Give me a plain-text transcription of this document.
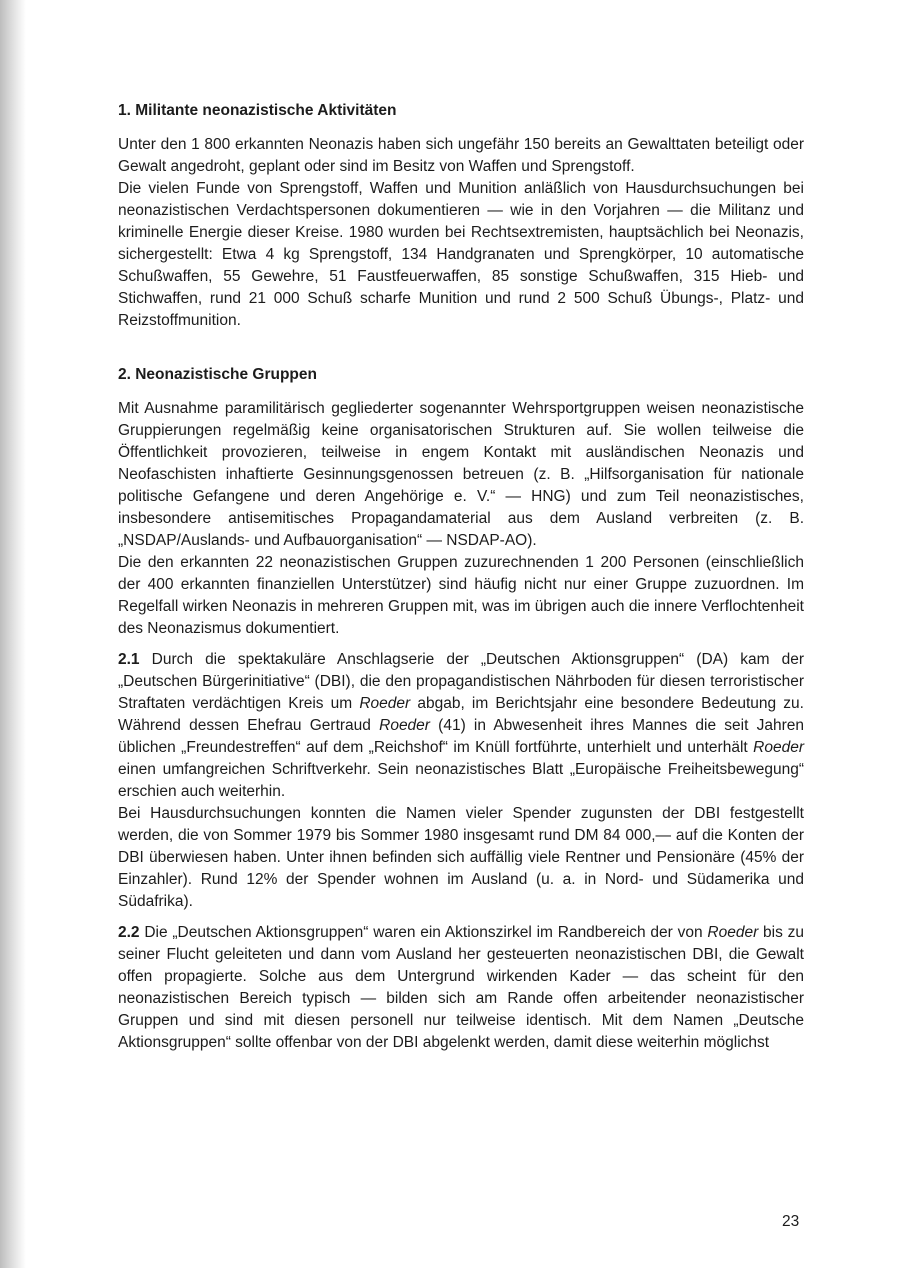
1. Militante neonazistische Aktivitäten

Unter den 1 800 erkannten Neonazis haben sich ungefähr 150 bereits an Gewalttaten beteiligt oder Gewalt angedroht, geplant oder sind im Besitz von Waffen und Sprengstoff.

Die vielen Funde von Sprengstoff, Waffen und Munition anläßlich von Hausdurchsuchungen bei neonazistischen Verdachtspersonen dokumentieren — wie in den Vorjahren — die Militanz und kriminelle Energie dieser Kreise. 1980 wurden bei Rechtsextremisten, hauptsächlich bei Neonazis, sichergestellt: Etwa 4 kg Sprengstoff, 134 Handgranaten und Sprengkörper, 10 automatische Schußwaffen, 55 Gewehre, 51 Faustfeuerwaffen, 85 sonstige Schußwaffen, 315 Hieb- und Stichwaffen, rund 21 000 Schuß scharfe Munition und rund 2 500 Schuß Übungs-, Platz- und Reizstoffmunition.

2. Neonazistische Gruppen

Mit Ausnahme paramilitärisch gegliederter sogenannter Wehrsportgruppen weisen neonazistische Gruppierungen regelmäßig keine organisatorischen Strukturen auf. Sie wollen teilweise die Öffentlichkeit provozieren, teilweise in engem Kontakt mit ausländischen Neonazis und Neofaschisten inhaftierte Gesinnungsgenossen betreuen (z. B. „Hilfsorganisation für nationale politische Gefangene und deren Angehörige e. V.“ — HNG) und zum Teil neonazistisches, insbesondere antisemitisches Propagandamaterial aus dem Ausland verbreiten (z. B. „NSDAP/Auslands- und Aufbauorganisation“ — NSDAP-AO).

Die den erkannten 22 neonazistischen Gruppen zuzurechnenden 1 200 Personen (einschließlich der 400 erkannten finanziellen Unterstützer) sind häufig nicht nur einer Gruppe zuzuordnen. Im Regelfall wirken Neonazis in mehreren Gruppen mit, was im übrigen auch die innere Verflochtenheit des Neonazismus dokumentiert.

2.1 Durch die spektakuläre Anschlagserie der „Deutschen Aktionsgruppen“ (DA) kam der „Deutschen Bürgerinitiative“ (DBI), die den propagandistischen Nährboden für diesen terroristischer Straftaten verdächtigen Kreis um Roeder abgab, im Berichtsjahr eine besondere Bedeutung zu. Während dessen Ehefrau Gertraud Roeder (41) in Abwesenheit ihres Mannes die seit Jahren üblichen „Freundestreffen“ auf dem „Reichshof“ im Knüll fortführte, unterhielt und unterhält Roeder einen umfangreichen Schriftverkehr. Sein neonazistisches Blatt „Europäische Freiheitsbewegung“ erschien auch weiterhin.

Bei Hausdurchsuchungen konnten die Namen vieler Spender zugunsten der DBI festgestellt werden, die von Sommer 1979 bis Sommer 1980 insgesamt rund DM 84 000,— auf die Konten der DBI überwiesen haben. Unter ihnen befinden sich auffällig viele Rentner und Pensionäre (45% der Einzahler). Rund 12% der Spender wohnen im Ausland (u. a. in Nord- und Südamerika und Südafrika).

2.2 Die „Deutschen Aktionsgruppen“ waren ein Aktionszirkel im Randbereich der von Roeder bis zu seiner Flucht geleiteten und dann vom Ausland her gesteuerten neonazistischen DBI, die Gewalt offen propagierte. Solche aus dem Untergrund wirkenden Kader — das scheint für den neonazistischen Bereich typisch — bilden sich am Rande offen arbeitender neonazistischer Gruppen und sind mit diesen personell nur teilweise identisch. Mit dem Namen „Deutsche Aktionsgruppen“ sollte offenbar von der DBI abgelenkt werden, damit diese weiterhin möglichst

23
